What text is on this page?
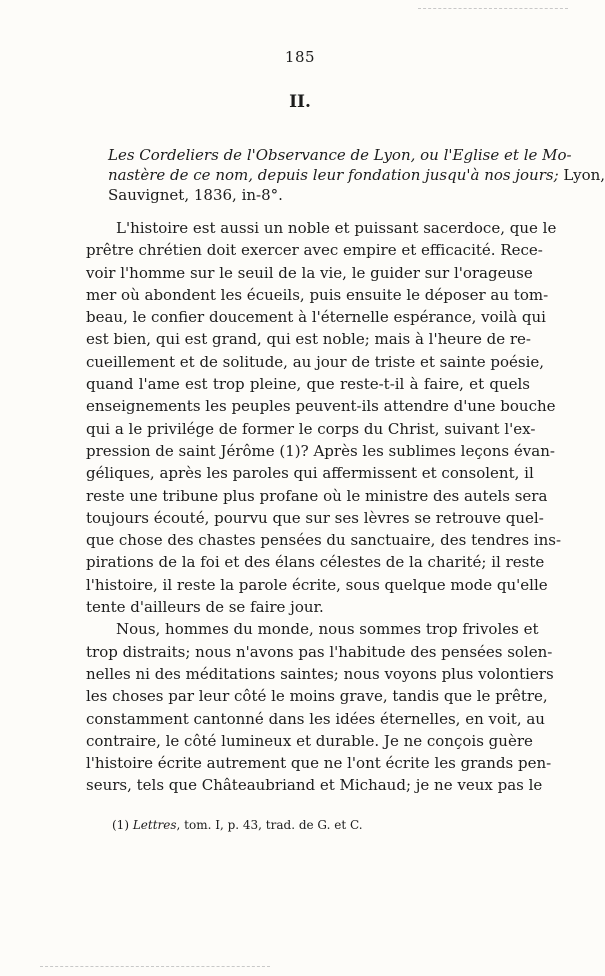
185
II.
Les Cordeliers de l'Observance de Lyon, ou l'Eglise et le Mo-
nastère de ce nom, depuis leur fondation jusqu'à nos jours; Lyon,
Sauvignet, 1836, in-8°.
L'histoire est aussi un noble et puissant sacerdoce, que le
prêtre chrétien doit exercer avec empire et efficacité. Rece-
voir l'homme sur le seuil de la vie, le guider sur l'orageuse
mer où abondent les écueils, puis ensuite le déposer au tom-
beau, le confier doucement à l'éternelle espérance, voilà qui
est bien, qui est grand, qui est noble; mais à l'heure de re-
cueillement et de solitude, au jour de triste et sainte poésie,
quand l'ame est trop pleine, que reste-t-il à faire, et quels
enseignements les peuples peuvent-ils attendre d'une bouche
qui a le privilége de former le corps du Christ, suivant l'ex-
pression de saint Jérôme (1)? Après les sublimes leçons évan-
géliques, après les paroles qui affermissent et consolent, il
reste une tribune plus profane où le ministre des autels sera
toujours écouté, pourvu que sur ses lèvres se retrouve quel-
que chose des chastes pensées du sanctuaire, des tendres ins-
pirations de la foi et des élans célestes de la charité; il reste
l'histoire, il reste la parole écrite, sous quelque mode qu'elle
tente d'ailleurs de se faire jour.
Nous, hommes du monde, nous sommes trop frivoles et
trop distraits; nous n'avons pas l'habitude des pensées solen-
nelles ni des méditations saintes; nous voyons plus volontiers
les choses par leur côté le moins grave, tandis que le prêtre,
constamment cantonné dans les idées éternelles, en voit, au
contraire, le côté lumineux et durable. Je ne conçois guère
l'histoire écrite autrement que ne l'ont écrite les grands pen-
seurs, tels que Châteaubriand et Michaud; je ne veux pas le
(1) Lettres, tom. I, p. 43, trad. de G. et C.
